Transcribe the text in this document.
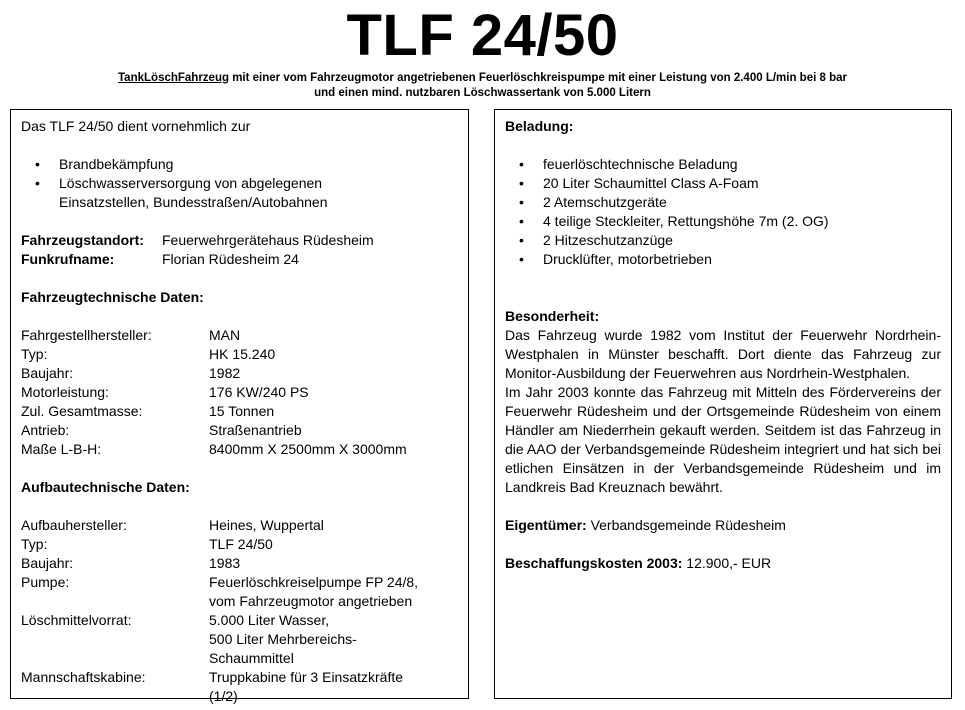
TLF 24/50
TankLöschFahrzeug mit einer vom Fahrzeugmotor angetriebenen Feuerlöschkreispumpe mit einer Leistung von 2.400 L/min bei 8 bar
und einen mind. nutzbaren Löschwassertank von 5.000 Litern
Das TLF 24/50 dient vornehmlich zur
• Brandbekämpfung
• Löschwasserversorgung von abgelegenen Einsatzstellen, Bundesstraßen/Autobahnen
Fahrzeugstandort:	Feuerwehrgerätehaus Rüdesheim
Funkrufname:	Florian Rüdesheim 24
Fahrzeugtechnische Daten:
Fahrgestellhersteller:	MAN
Typ:	HK 15.240
Baujahr:	1982
Motorleistung:	176 KW/240 PS
Zul. Gesamtmasse:	15 Tonnen
Antrieb:	Straßenantrieb
Maße L-B-H:	8400mm X 2500mm X 3000mm
Aufbautechnische Daten:
Aufbauhersteller:	Heines, Wuppertal
Typ:	TLF 24/50
Baujahr:	1983
Pumpe:	Feuerlöschkreiselpumpe FP 24/8,
vom Fahrzeugmotor angetrieben
Löschmittelvorrat:	5.000 Liter Wasser,
500 Liter Mehrbereichs-
Schaummittel
Mannschaftskabine:	Truppkabine für 3 Einsatzkräfte
(1/2)
Beladung:
• feuerlöschtechnische Beladung
• 20 Liter Schaumittel Class A-Foam
• 2 Atemschutzgeräte
• 4 teilige Steckleiter, Rettungshöhe 7m (2. OG)
• 2 Hitzeschutzanzüge
• Drucklüfter, motorbetrieben
Besonderheit:
Das Fahrzeug wurde 1982 vom Institut der Feuerwehr Nordrhein-Westphalen in Münster beschafft. Dort diente das Fahrzeug zur Monitor-Ausbildung der Feuerwehren aus Nordrhein-Westphalen.
Im Jahr 2003 konnte das Fahrzeug mit Mitteln des Fördervereins der Feuerwehr Rüdesheim und der Ortsgemeinde Rüdesheim von einem Händler am Niederrhein gekauft werden. Seitdem ist das Fahrzeug in die AAO der Verbandsgemeinde Rüdesheim integriert und hat sich bei etlichen Einsätzen in der Verbandsgemeinde Rüdesheim und im Landkreis Bad Kreuznach bewährt.
Eigentümer: Verbandsgemeinde Rüdesheim
Beschaffungskosten 2003: 12.900,- EUR
